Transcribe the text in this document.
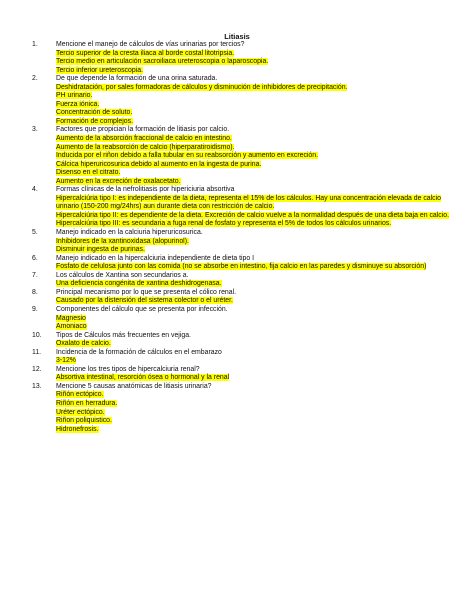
Litiasis
1.	Mencione el manejo de cálculos de vías urinarias por tercios?
Tercio superior de la cresta iliaca al borde costal litotripsia.
Tercio medio en articulación sacroiliaca ureteroscopia o laparoscopia.
Tercio inferior ureteroscopia.
2.	De que depende la formación de una orina saturada.
Deshidratación, por sales formadoras de cálculos y disminución de inhibidores de precipitación.
PH urinario.
Fuerza iónica.
Concentración de soluto.
Formación de complejos.
3.	Factores que propician la formación de litiasis por calcio.
Aumento de la absorción fraccional de calcio en intestino.
Aumento de la reabsorción de calcio (hiperparatiroidismo).
Inducida por el riñon debido a falla tubular en su reabsorción y aumento en excreción.
Cálcica hiperuricosurica debido al aumento en la ingesta de purina.
Disenso en el citrato.
Aumento en la excreción de oxalacetato.
4.	Formas clínicas de la nefrolitiasis por hipericiuria absortiva
Hipercalciúria tipo I: es independiente de la dieta, representa el 15% de los cálculos. Hay una concentración elevada de calcio urinario (150-200 mg/24hrs) aun durante dieta con restricción de calcio.
Hipercalciúria tipo II: es dependiente de la dieta. Excreción de calcio vuelve a la normalidad después de una dieta baja en calcio.
Hipercalciúria tipo III: es secundaria a fuga renal de fosfato y representa el 5% de todos los cálculos urinarios.
5.	Manejo indicado en la calciuria hiperuricosurica.
Inhibidores de la xantinoxidasa (alopurinol).
Disminuir ingesta de purinas.
6.	Manejo indicado en la hipercalciuria independiente de dieta tipo I
Fosfato de celulosa junto con las comida (no se absorbe en intestino, fija calcio en las paredes y disminuye su absorción)
7.	Los cálculos de Xantina son secundarios a.
Una deficiencia congénita de xantina deshidrogenasa.
8.	Principal mecanismo por lo que se presenta el cólico renal.
Causado por la distensión del sistema colector o el uréter.
9.	Componentes del cálculo que se presenta por infección.
Magnesio
Amoniaco
10.	Tipos de Cálculos más frecuentes en vejiga.
Oxalato de calcio.
11.	Incidencia de la formación de cálculos en el embarazo
3-12%
12.	Mencione los tres tipos de hipercalciuria renal?
Absortiva intestinal, resorción ósea o hormonal y la renal
13.	Mencione 5 causas anatómicas de litiasis urinaria?
Riñón ectópico.
Riñón en herradura.
Uréter ectópico.
Riñon poliquistico.
Hidronefrosis.
